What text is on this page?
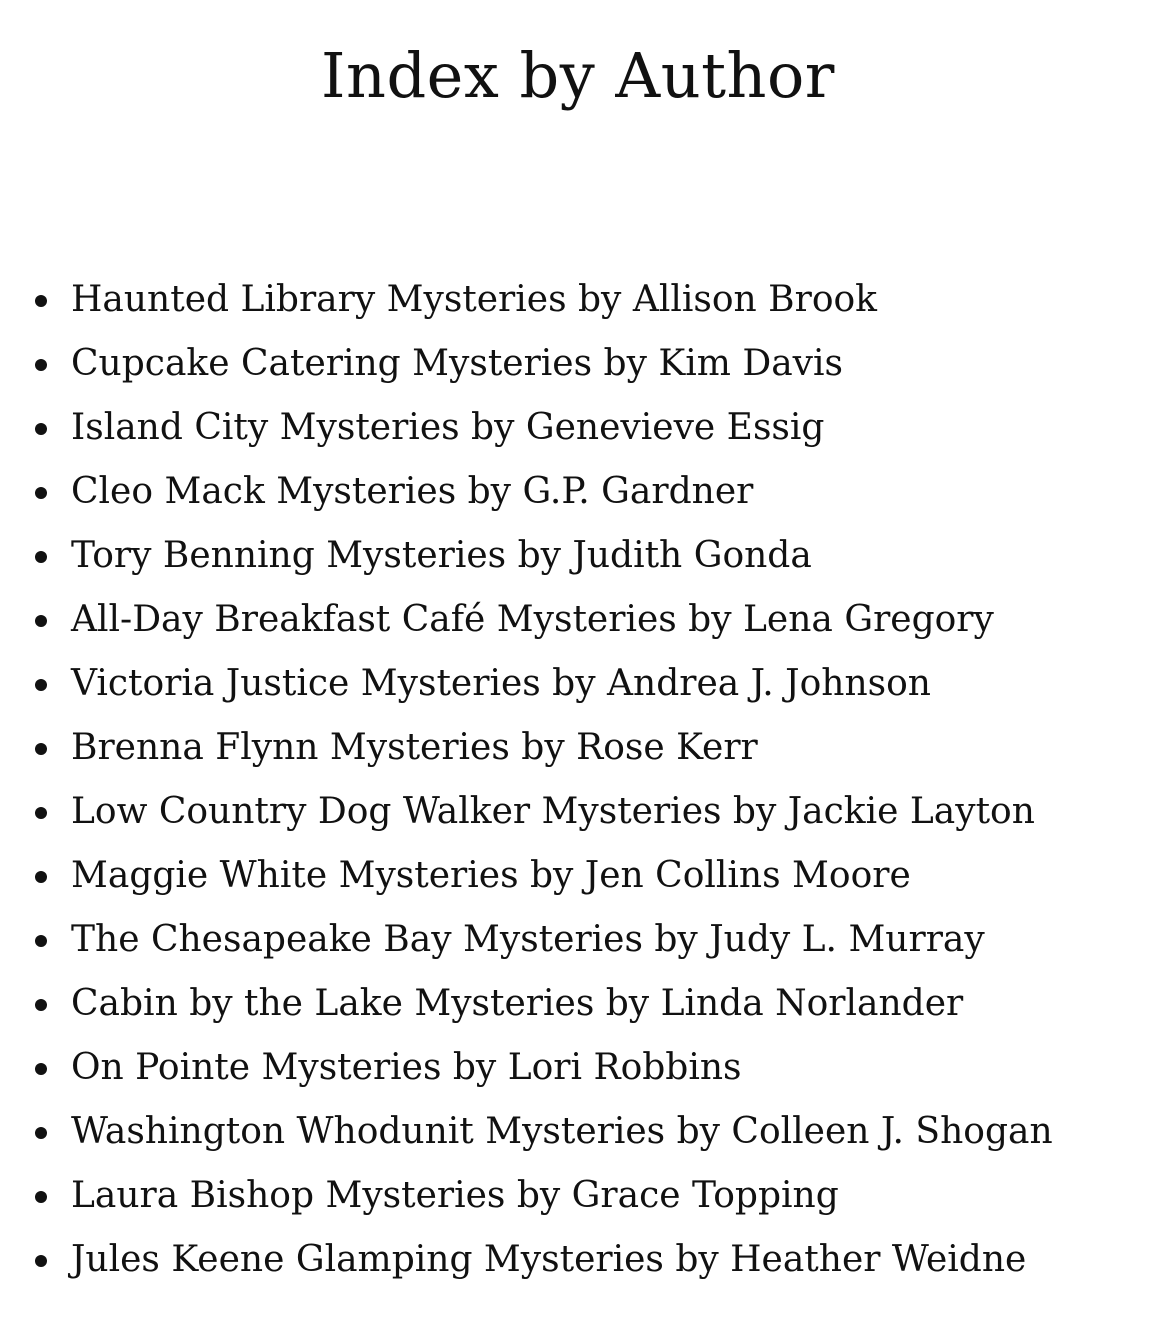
Index by Author
Haunted Library Mysteries by Allison Brook
Cupcake Catering Mysteries by Kim Davis
Island City Mysteries by Genevieve Essig
Cleo Mack Mysteries by G.P. Gardner
Tory Benning Mysteries by Judith Gonda
All-Day Breakfast Café Mysteries by Lena Gregory
Victoria Justice Mysteries by Andrea J. Johnson
Brenna Flynn Mysteries by Rose Kerr
Low Country Dog Walker Mysteries by Jackie Layton
Maggie White Mysteries by Jen Collins Moore
The Chesapeake Bay Mysteries by Judy L. Murray
Cabin by the Lake Mysteries by Linda Norlander
On Pointe Mysteries by Lori Robbins
Washington Whodunit Mysteries by Colleen J. Shogan
Laura Bishop Mysteries by Grace Topping
Jules Keene Glamping Mysteries by Heather Weidne
